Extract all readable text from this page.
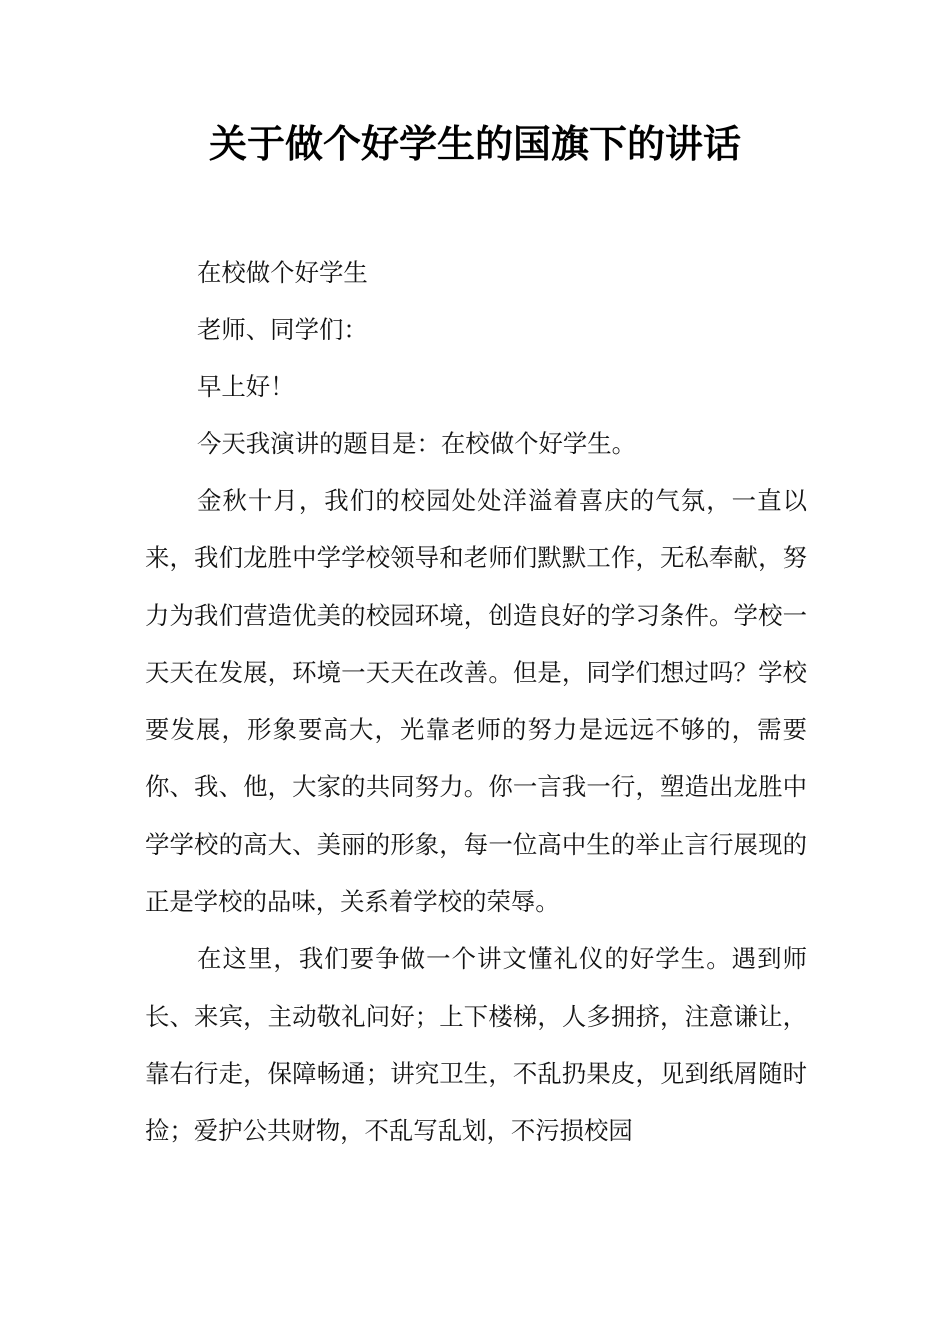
关于做个好学生的国旗下的讲话

在校做个好学生

老师、同学们：

早上好！

今天我演讲的题目是：在校做个好学生。

金秋十月，我们的校园处处洋溢着喜庆的气氛，一直以来，我们龙胜中学学校领导和老师们默默工作，无私奉献，努力为我们营造优美的校园环境，创造良好的学习条件。学校一天天在发展，环境一天天在改善。但是，同学们想过吗？学校要发展，形象要高大，光靠老师的努力是远远不够的，需要你、我、他，大家的共同努力。你一言我一行，塑造出龙胜中学学校的高大、美丽的形象，每一位高中生的举止言行展现的正是学校的品味，关系着学校的荣辱。

在这里，我们要争做一个讲文懂礼仪的好学生。遇到师长、来宾，主动敬礼问好；上下楼梯，人多拥挤，注意谦让，靠右行走，保障畅通；讲究卫生，不乱扔果皮，见到纸屑随时捡；爱护公共财物，不乱写乱划，不污损校园
